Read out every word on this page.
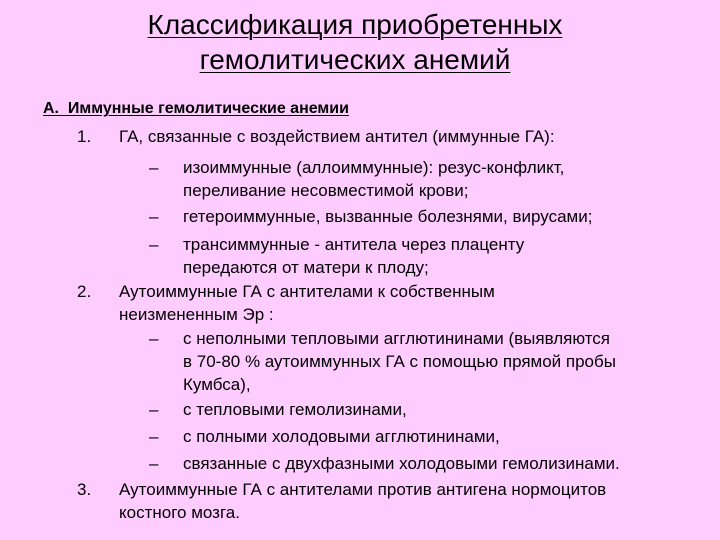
Классификация приобретенных
гемолитических анемий
А.  Иммунные гемолитические анемии
1. ГА, связанные с воздействием антител (иммунные ГА):
– изоиммунные (аллоиммунные): резус-конфликт,
переливание несовместимой крови;
– гетероиммунные, вызванные болезнями, вирусами;
– трансиммунные - антитела через плаценту
передаются от матери к плоду;
2. Аутоиммунные ГА с антителами к собственным
неизмененным Эр :
– с неполными тепловыми агглютининами (выявляются
в 70-80 % аутоиммунных ГА с помощью прямой пробы
Кумбса),
– с тепловыми гемолизинами,
– с полными холодовыми агглютининами,
– связанные с двухфазными холодовыми гемолизинами.
3. Аутоиммунные ГА с антителами против антигена нормоцитов
костного мозга.
